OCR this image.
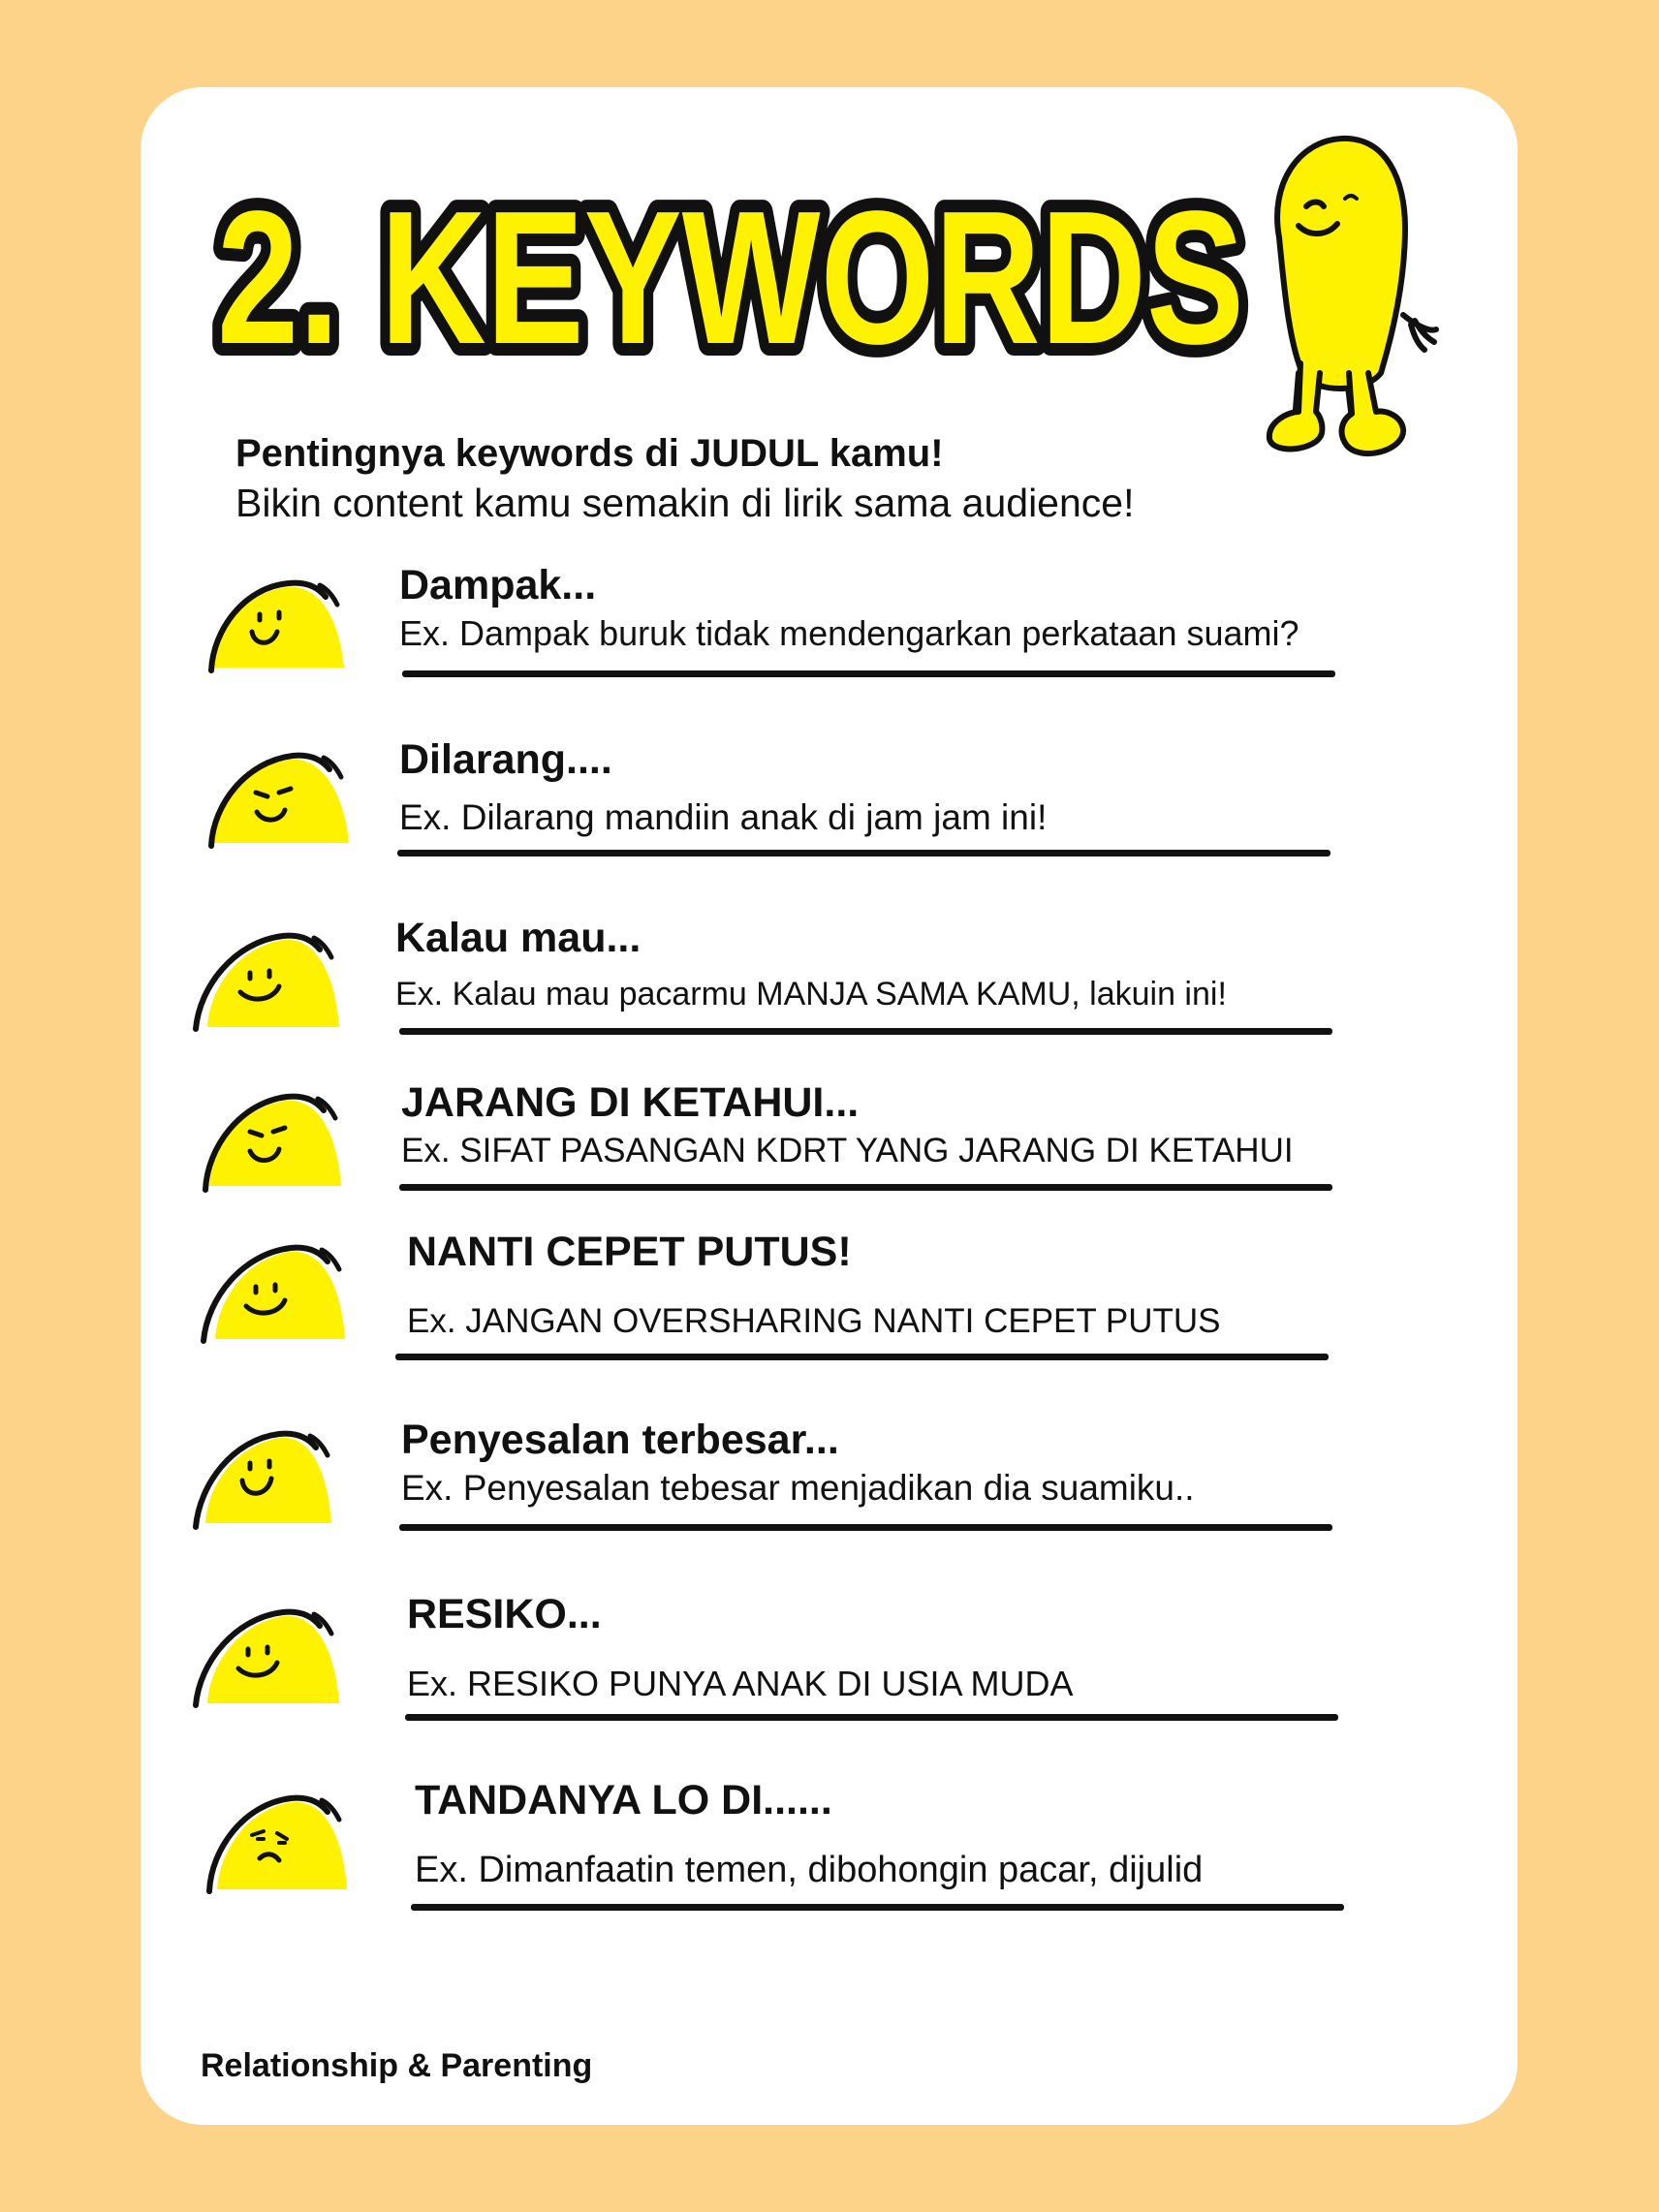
2. KEYWORDS
2. KEYWORDS

Pentingnya keywords di JUDUL kamu!

Bikin content kamu semakin di lirik sama audience!

Dampak...

Ex. Dampak buruk tidak mendengarkan perkataan suami?

Dilarang....

Ex. Dilarang mandiin anak di jam jam ini!

Kalau mau...

Ex. Kalau mau pacarmu MANJA SAMA KAMU, lakuin ini!

JARANG DI KETAHUI...

Ex. SIFAT PASANGAN KDRT YANG JARANG DI KETAHUI

NANTI CEPET PUTUS!

Ex. JANGAN OVERSHARING NANTI CEPET PUTUS

Penyesalan terbesar...

Ex. Penyesalan tebesar menjadikan dia suamiku..

RESIKO...

Ex. RESIKO PUNYA ANAK DI USIA MUDA

TANDANYA LO DI......

Ex. Dimanfaatin temen, dibohongin pacar, dijulid

Relationship & Parenting
